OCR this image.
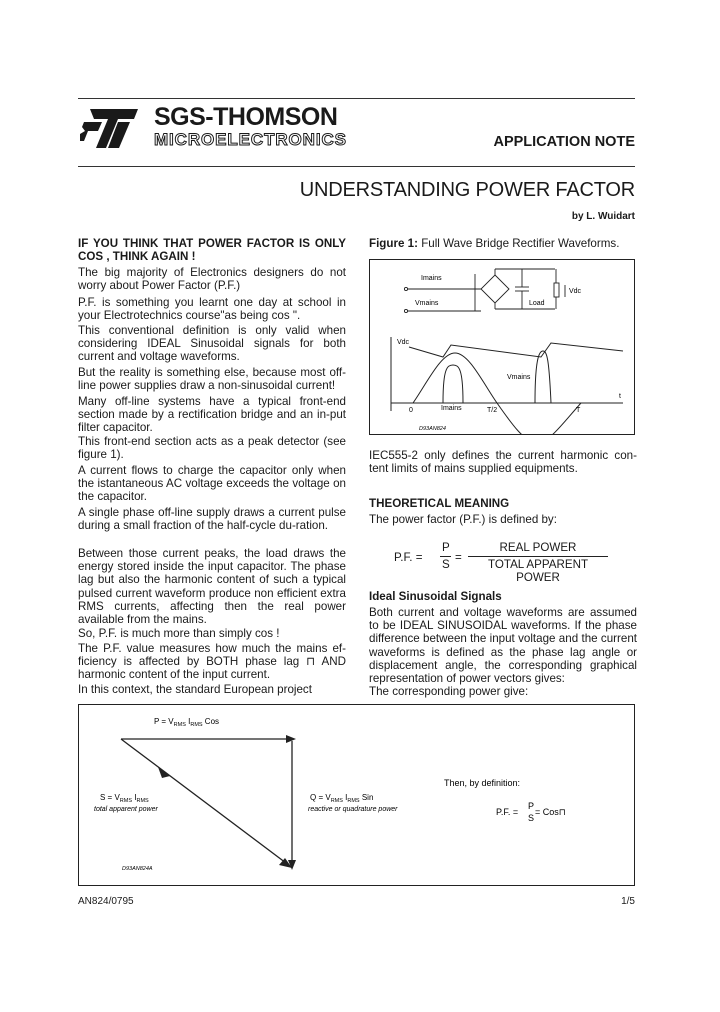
SGS-THOMSON
MICROELECTRONICS	APPLICATION NOTE
UNDERSTANDING POWER FACTOR
by L. Wuidart
IF YOU THINK THAT POWER FACTOR IS ONLY COS , THINK AGAIN !
The big majority of Electronics designers do not worry about Power Factor (P.F.)
P.F. is something you learnt one day at school in your Electrotechnics course"as being cos ".
This conventional definition is only valid when considering IDEAL Sinusoidal signals for both current and voltage waveforms.
But the reality is something else, because most off-line power supplies draw a non-sinusoidal current!
Many off-line systems have a typical front-end section made by a rectification bridge and an in-put filter capacitor.
This front-end section acts as a peak detector (see figure 1).
A current flows to charge the capacitor only when the istantaneous AC voltage exceeds the voltage on the capacitor.
A single phase off-line supply draws a current pulse during a small fraction of the half-cycle du-ration.
Between those current peaks, the load draws the energy stored inside the input capacitor. The phase lag but also the harmonic content of such a typical pulsed current waveform produce non efficient extra RMS currents, affecting then the real power available from the mains.
So, P.F. is much more than simply cos !
The P.F. value measures how much the mains ef-ficiency is affected by BOTH phase lag ⊓ AND harmonic content of the input current.
In this context, the standard European project
Figure 1: Full Wave Bridge Rectifier Waveforms.
Imains
Vmains	Load
Vdc
Vdc
Vmains
Imains
0	T/2	T
t
D93AN824
IEC555-2 only defines the current harmonic con-tent limits of mains supplied equipments.
THEORETICAL MEANING
The power factor (P.F.) is defined by:
P.F. =
P
S
=
REAL POWER
TOTAL APPARENT POWER
Ideal Sinusoidal Signals
Both current and voltage waveforms are assumed to be IDEAL SINUSOIDAL waveforms. If the phase difference between the input voltage and the current waveforms is defined as the phase lag angle or displacement angle, the corresponding graphical representation of power vectors gives:
The corresponding power give:
$P = V_{RMS}$ $I_{RMS}$ Cos
$S = V_{RMS}$ $I_{RMS}$
total apparent power
$Q = V_{RMS}$ $I_{RMS}$ Sin
reactive or quadrature power
Then, by definition:
P.F. =
P
S
= Cos⊓
D93AN824A
AN824/0795	1/5
